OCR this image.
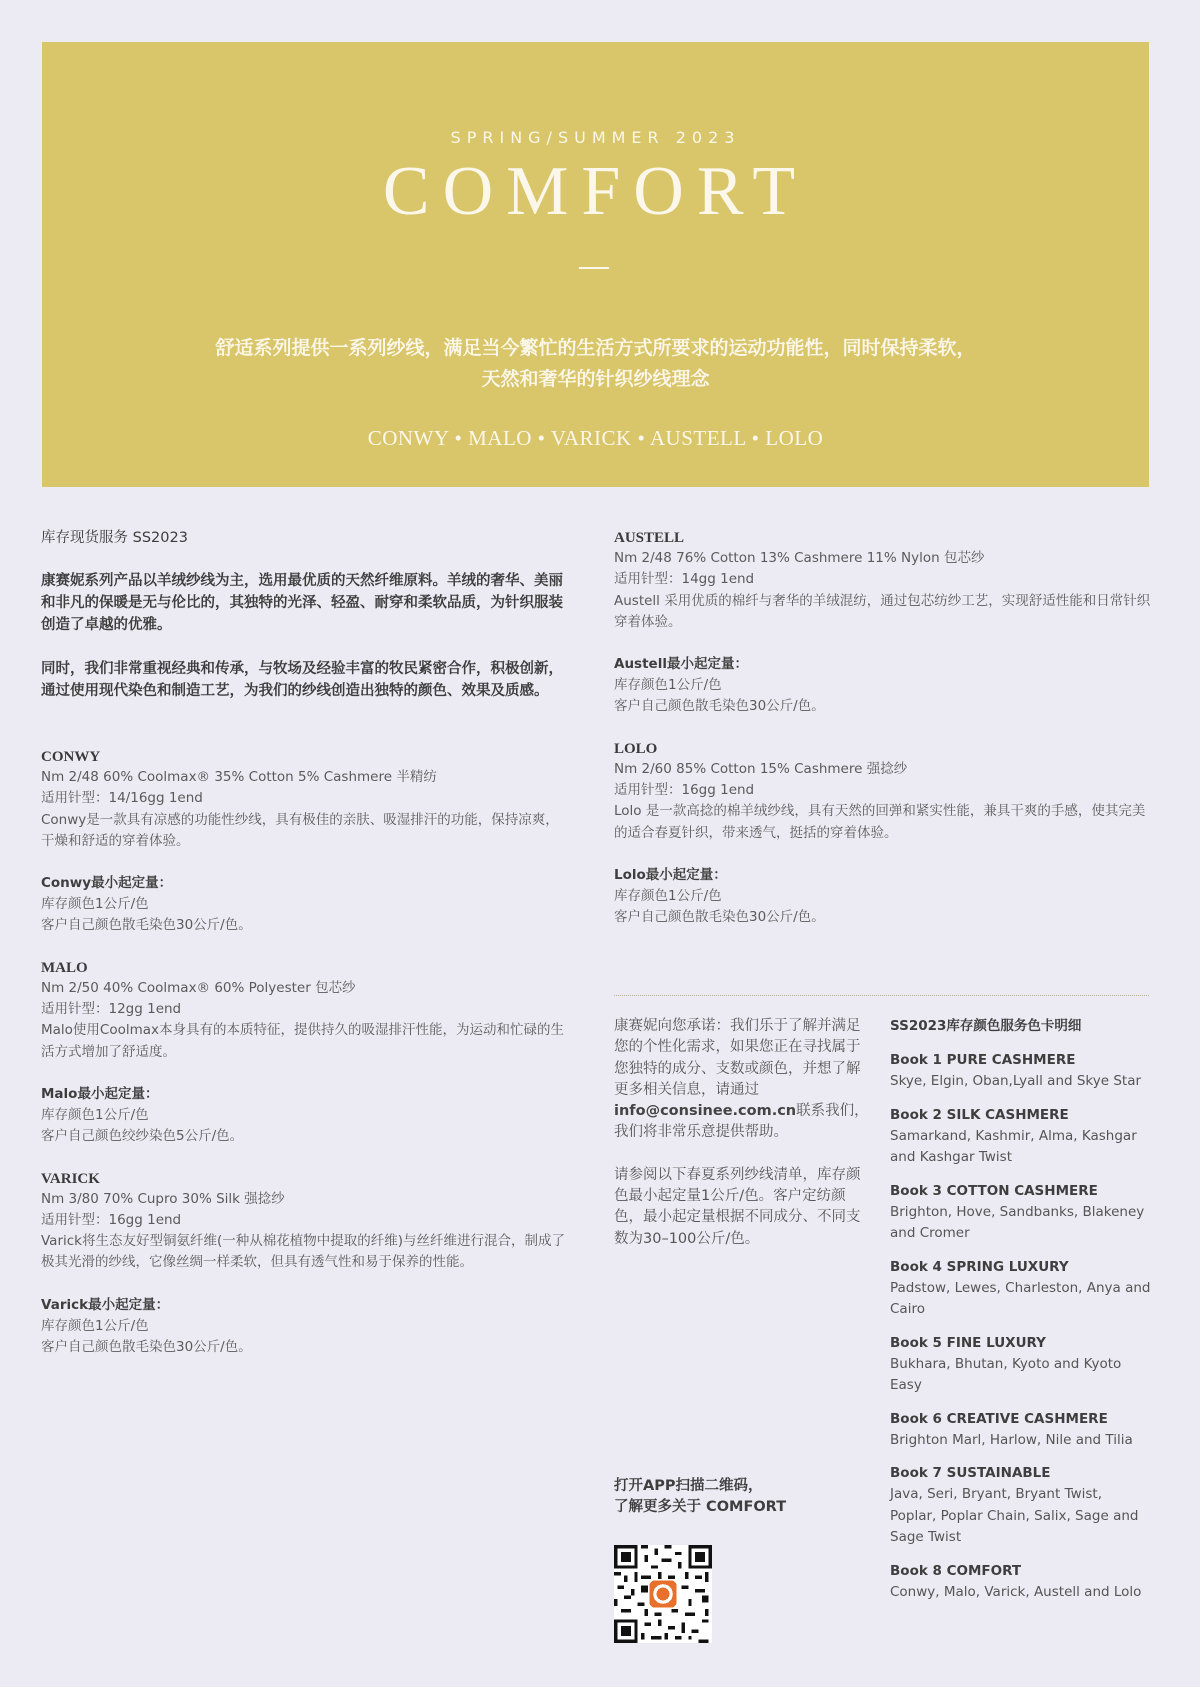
SPRING/SUMMER 2023
COMFORT
舒适系列提供一系列纱线，满足当今繁忙的生活方式所要求的运动功能性，同时保持柔软，
天然和奢华的针织纱线理念
CONWY • MALO • VARICK • AUSTELL • LOLO
库存现货服务 SS2023

康赛妮系列产品以羊绒纱线为主，选用最优质的天然纤维原料。羊绒的奢华、美丽和非凡的保暖是无与伦比的，其独特的光泽、轻盈、耐穿和柔软品质，为针织服装创造了卓越的优雅。

同时，我们非常重视经典和传承，与牧场及经验丰富的牧民紧密合作，积极创新，通过使用现代染色和制造工艺，为我们的纱线创造出独特的颜色、效果及质感。

CONWY

Nm 2/48 60% Coolmax® 35% Cotton 5% Cashmere 半精纺

适用针型：14/16gg 1end

Conwy是一款具有凉感的功能性纱线，具有极佳的亲肤、吸湿排汗的功能，保持凉爽，干燥和舒适的穿着体验。

Conwy最小起定量：

库存颜色1公斤/色

客户自己颜色散毛染色30公斤/色。

MALO

Nm 2/50 40% Coolmax® 60% Polyester 包芯纱

适用针型：12gg 1end

Malo使用Coolmax本身具有的本质特征，提供持久的吸湿排汗性能，为运动和忙碌的生活方式增加了舒适度。

Malo最小起定量：

库存颜色1公斤/色

客户自己颜色绞纱染色5公斤/色。

VARICK

Nm 3/80 70% Cupro 30% Silk 强捻纱

适用针型：16gg 1end

Varick将生态友好型铜氨纤维(一种从棉花植物中提取的纤维)与丝纤维进行混合，制成了极其光滑的纱线，它像丝绸一样柔软，但具有透气性和易于保养的性能。

Varick最小起定量：

库存颜色1公斤/色

客户自己颜色散毛染色30公斤/色。

AUSTELL

Nm 2/48 76% Cotton 13% Cashmere 11% Nylon 包芯纱

适用针型：14gg 1end

Austell 采用优质的棉纤与奢华的羊绒混纺，通过包芯纺纱工艺，实现舒适性能和日常针织穿着体验。

Austell最小起定量：

库存颜色1公斤/色

客户自己颜色散毛染色30公斤/色。

LOLO

Nm 2/60 85% Cotton 15% Cashmere 强捻纱

适用针型：16gg 1end

Lolo 是一款高捻的棉羊绒纱线，具有天然的回弹和紧实性能，兼具干爽的手感，使其完美的适合春夏针织，带来透气，挺括的穿着体验。

Lolo最小起定量：

库存颜色1公斤/色

客户自己颜色散毛染色30公斤/色。

康赛妮向您承诺：我们乐于了解并满足您的个性化需求，如果您正在寻找属于您独特的成分、支数或颜色，并想了解更多相关信息，请通过info@consinee.com.cn联系我们，我们将非常乐意提供帮助。
请参阅以下春夏系列纱线清单，库存颜色最小起定量1公斤/色。客户定纺颜色，最小起定量根据不同成分、不同支数为30–100公斤/色。
打开APP扫描二维码，
了解更多关于 COMFORT
SS2023库存颜色服务色卡明细
Book 1 PURE CASHMERE
Skye, Elgin, Oban,Lyall and Skye Star
Book 2 SILK CASHMERE
Samarkand, Kashmir, Alma, Kashgar and Kashgar Twist
Book 3 COTTON CASHMERE
Brighton, Hove, Sandbanks, Blakeney and Cromer
Book 4 SPRING LUXURY
Padstow, Lewes, Charleston, Anya and Cairo
Book 5 FINE LUXURY
Bukhara, Bhutan, Kyoto and Kyoto Easy
Book 6 CREATIVE CASHMERE
Brighton Marl, Harlow, Nile and Tilia
Book 7 SUSTAINABLE
Java, Seri, Bryant, Bryant Twist, Poplar, Poplar Chain, Salix, Sage and Sage Twist
Book 8 COMFORT
Conwy, Malo, Varick, Austell and Lolo
